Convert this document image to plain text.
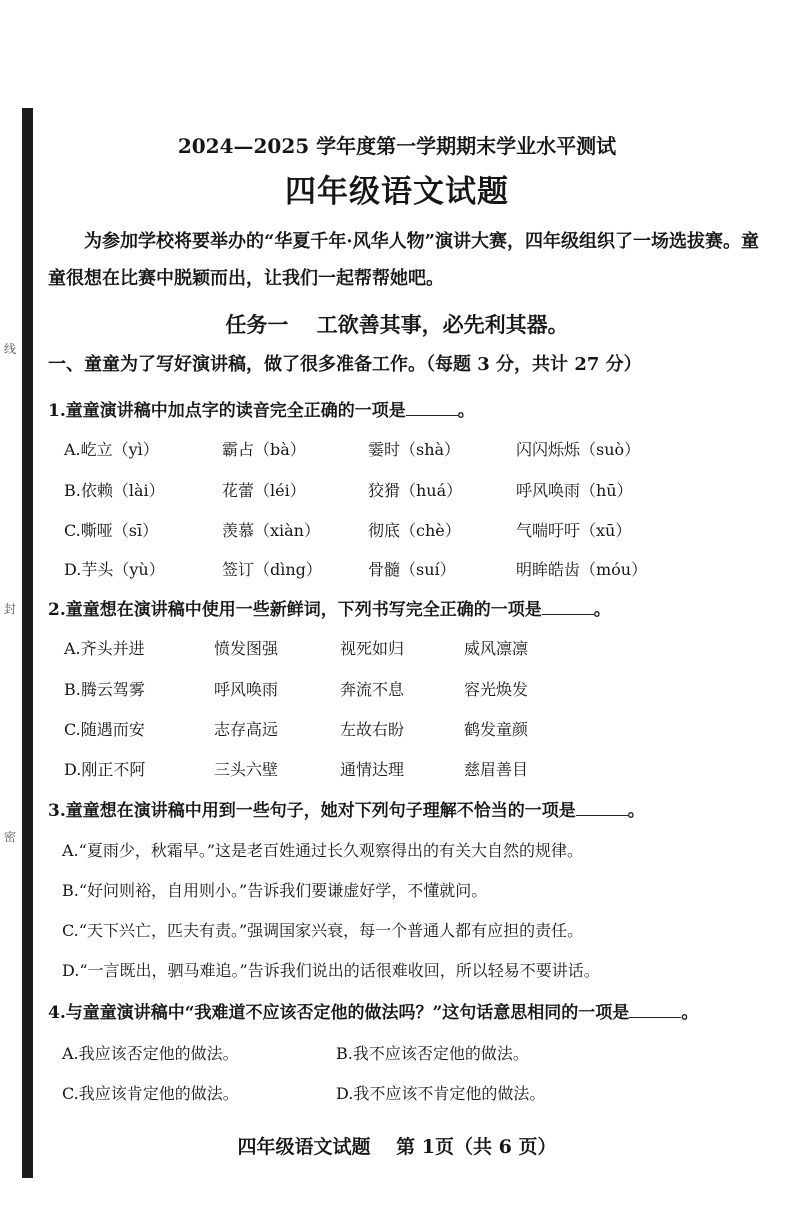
线
封
密
2024—2025 学年度第一学期期末学业水平测试
四年级语文试题
为参加学校将要举办的“华夏千年·风华人物”演讲大赛，四年级组织了一场选拔赛。童童很想在比赛中脱颖而出，让我们一起帮帮她吧。
任务一　 工欲善其事，必先利其器。
一、童童为了写好演讲稿，做了很多准备工作。（每题 3 分，共计 27 分）
1.童童演讲稿中加点字的读音完全正确的一项是	。
A.屹立（yì）	霸占（bà）	霎时（shà）	闪闪烁烁（suò）
B.依赖（lài）	花蕾（léi）	狡猾（huá）	呼风唤雨（hū）
C.嘶哑（sī）	羡慕（xiàn）	彻底（chè）	气喘吁吁（xū）
D.芋头（yù）	签订（dìng）	骨髓（suí）	明眸皓齿（móu）
2.童童想在演讲稿中使用一些新鲜词，下列书写完全正确的一项是	。
A.齐头并进	愤发图强	视死如归	威风凛凛
B.腾云驾雾	呼风唤雨	奔流不息	容光焕发
C.随遇而安	志存高远	左故右盼	鹤发童颜
D.刚正不阿	三头六壁	通情达理	慈眉善目
3.童童想在演讲稿中用到一些句子，她对下列句子理解不恰当的一项是	。
A.“夏雨少，秋霜早。”这是老百姓通过长久观察得出的有关大自然的规律。
B.“好问则裕，自用则小。”告诉我们要谦虚好学，不懂就问。
C.“天下兴亡，匹夫有责。”强调国家兴衰，每一个普通人都有应担的责任。
D.“一言既出，驷马难追。”告诉我们说出的话很难收回，所以轻易不要讲话。
4.与童童演讲稿中“我难道不应该否定他的做法吗？”这句话意思相同的一项是	。
A.我应该否定他的做法。	B.我不应该否定他的做法。
C.我应该肯定他的做法。	D.我不应该不肯定他的做法。
四年级语文试题　 第 1页（共 6 页）
